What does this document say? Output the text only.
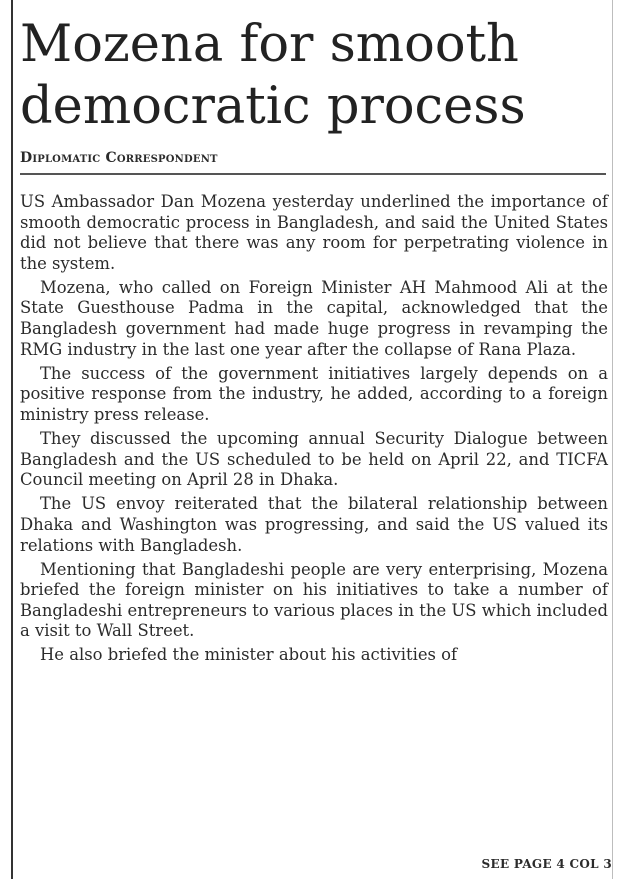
Mozena for smooth democratic process
Diplomatic Correspondent

US Ambassador Dan Mozena yesterday underlined the importance of smooth democratic process in Bangladesh, and said the United States did not believe that there was any room for perpetrating violence in the system.

Mozena, who called on Foreign Minister AH Mahmood Ali at the State Guesthouse Padma in the capital, acknowledged that the Bangladesh government had made huge progress in revamping the RMG industry in the last one year after the collapse of Rana Plaza.

The success of the government initiatives largely depends on a positive response from the industry, he added, according to a foreign ministry press release.

They discussed the upcoming annual Security Dialogue between Bangladesh and the US scheduled to be held on April 22, and TICFA Council meeting on April 28 in Dhaka.

The US envoy reiterated that the bilateral relationship between Dhaka and Washington was progressing, and said the US valued its relations with Bangladesh.

Mentioning that Bangladeshi people are very enterprising, Mozena briefed the foreign minister on his initiatives to take a number of Bangladeshi entrepreneurs to various places in the US which included a visit to Wall Street.

He also briefed the minister about his activities of

SEE PAGE 4 COL 3
